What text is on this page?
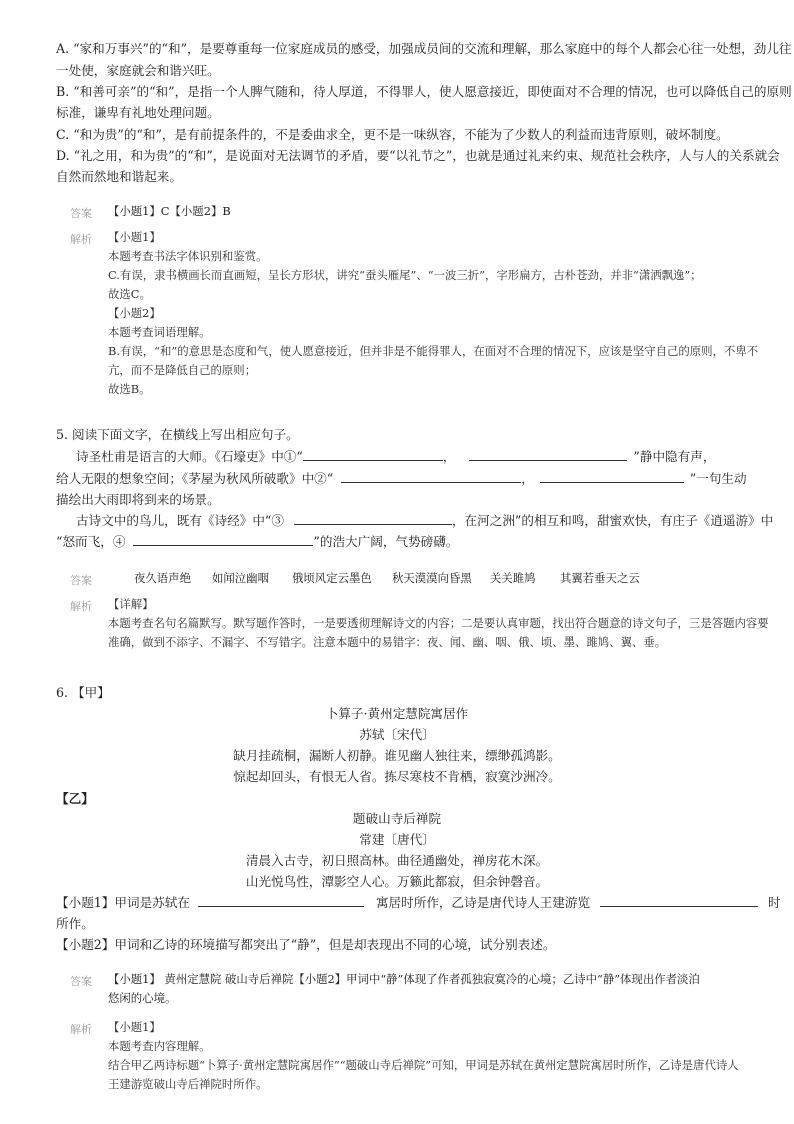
A. “家和万事兴”的“和”，是要尊重每一位家庭成员的感受，加强成员间的交流和理解，那么家庭中的每个人都会心往一处想，劲儿往
一处使，家庭就会和谐兴旺。
B. “和善可亲”的“和”，是指一个人脾气随和，待人厚道，不得罪人，使人愿意接近，即使面对不合理的情况，也可以降低自己的原则
标准，谦卑有礼地处理问题。
C. “和为贵”的“和”，是有前提条件的，不是委曲求全，更不是一味纵容，不能为了少数人的利益而违背原则，破坏制度。
D. “礼之用，和为贵”的“和”，是说面对无法调节的矛盾，要“以礼节之”，也就是通过礼来约束、规范社会秩序，人与人的关系就会
自然而然地和谐起来。
答案 【小题1】C【小题2】B
解析 【小题1】
本题考查书法字体识别和鉴赏。
C.有误，隶书横画长而直画短，呈长方形状，讲究“蚕头雁尾”、“一波三折”，字形扁方，古朴苍劲，并非“潇洒飘逸”；
故选C。
【小题2】
本题考查词语理解。
B.有误，“和”的意思是态度和气，使人愿意接近，但并非是不能得罪人，在面对不合理的情况下，应该是坚守自己的原则，不卑不
亢，而不是降低自己的原则；
故选B。
5. 阅读下面文字，在横线上写出相应句子。
诗圣杜甫是语言的大师。《石壕吏》中①“	，	”静中隐有声，
给人无限的想象空间；《茅屋为秋风所破歌》中②“	，	”一句生动
描绘出大雨即将到来的场景。
古诗文中的鸟儿，既有《诗经》中“③	，在河之洲”的相互和鸣，甜蜜欢快，有庄子《逍遥游》中
“怒而飞，④	”的浩大广阔，气势磅礴。
答案	夜久语声绝 如闻泣幽咽 俄顷风定云墨色 秋天漠漠向昏黑 关关雎鸠 其翼若垂天之云
解析 【详解】
本题考查名句名篇默写。默写题作答时，一是要透彻理解诗文的内容；二是要认真审题，找出符合题意的诗文句子，三是答题内容要
准确，做到不添字、不漏字、不写错字。注意本题中的易错字：夜、闻、幽、咽、俄、顷、墨、雎鸠、翼、垂。
6. 【甲】
卜算子·黄州定慧院寓居作
苏轼〔宋代〕
缺月挂疏桐，漏断人初静。谁见幽人独往来，缥缈孤鸿影。
惊起却回头，有恨无人省。拣尽寒枝不肯栖，寂寞沙洲冷。
【乙】
题破山寺后禅院
常建〔唐代〕
清晨入古寺，初日照高林。曲径通幽处，禅房花木深。
山光悦鸟性，潭影空人心。万籁此都寂，但余钟磬音。
【小题1】甲词是苏轼在	寓居时所作，乙诗是唐代诗人王建游览	时
所作。
【小题2】甲词和乙诗的环境描写都突出了“静”，但是却表现出不同的心境，试分别表述。
答案 【小题1】 黄州定慧院 破山寺后禅院【小题2】甲词中“静”体现了作者孤独寂寞冷的心境；乙诗中“静”体现出作者淡泊
悠闲的心境。
解析 【小题1】
本题考查内容理解。
结合甲乙两诗标题“卜算子·黄州定慧院寓居作”“题破山寺后禅院”可知，甲词是苏轼在黄州定慧院寓居时所作，乙诗是唐代诗人
王建游览破山寺后禅院时所作。
